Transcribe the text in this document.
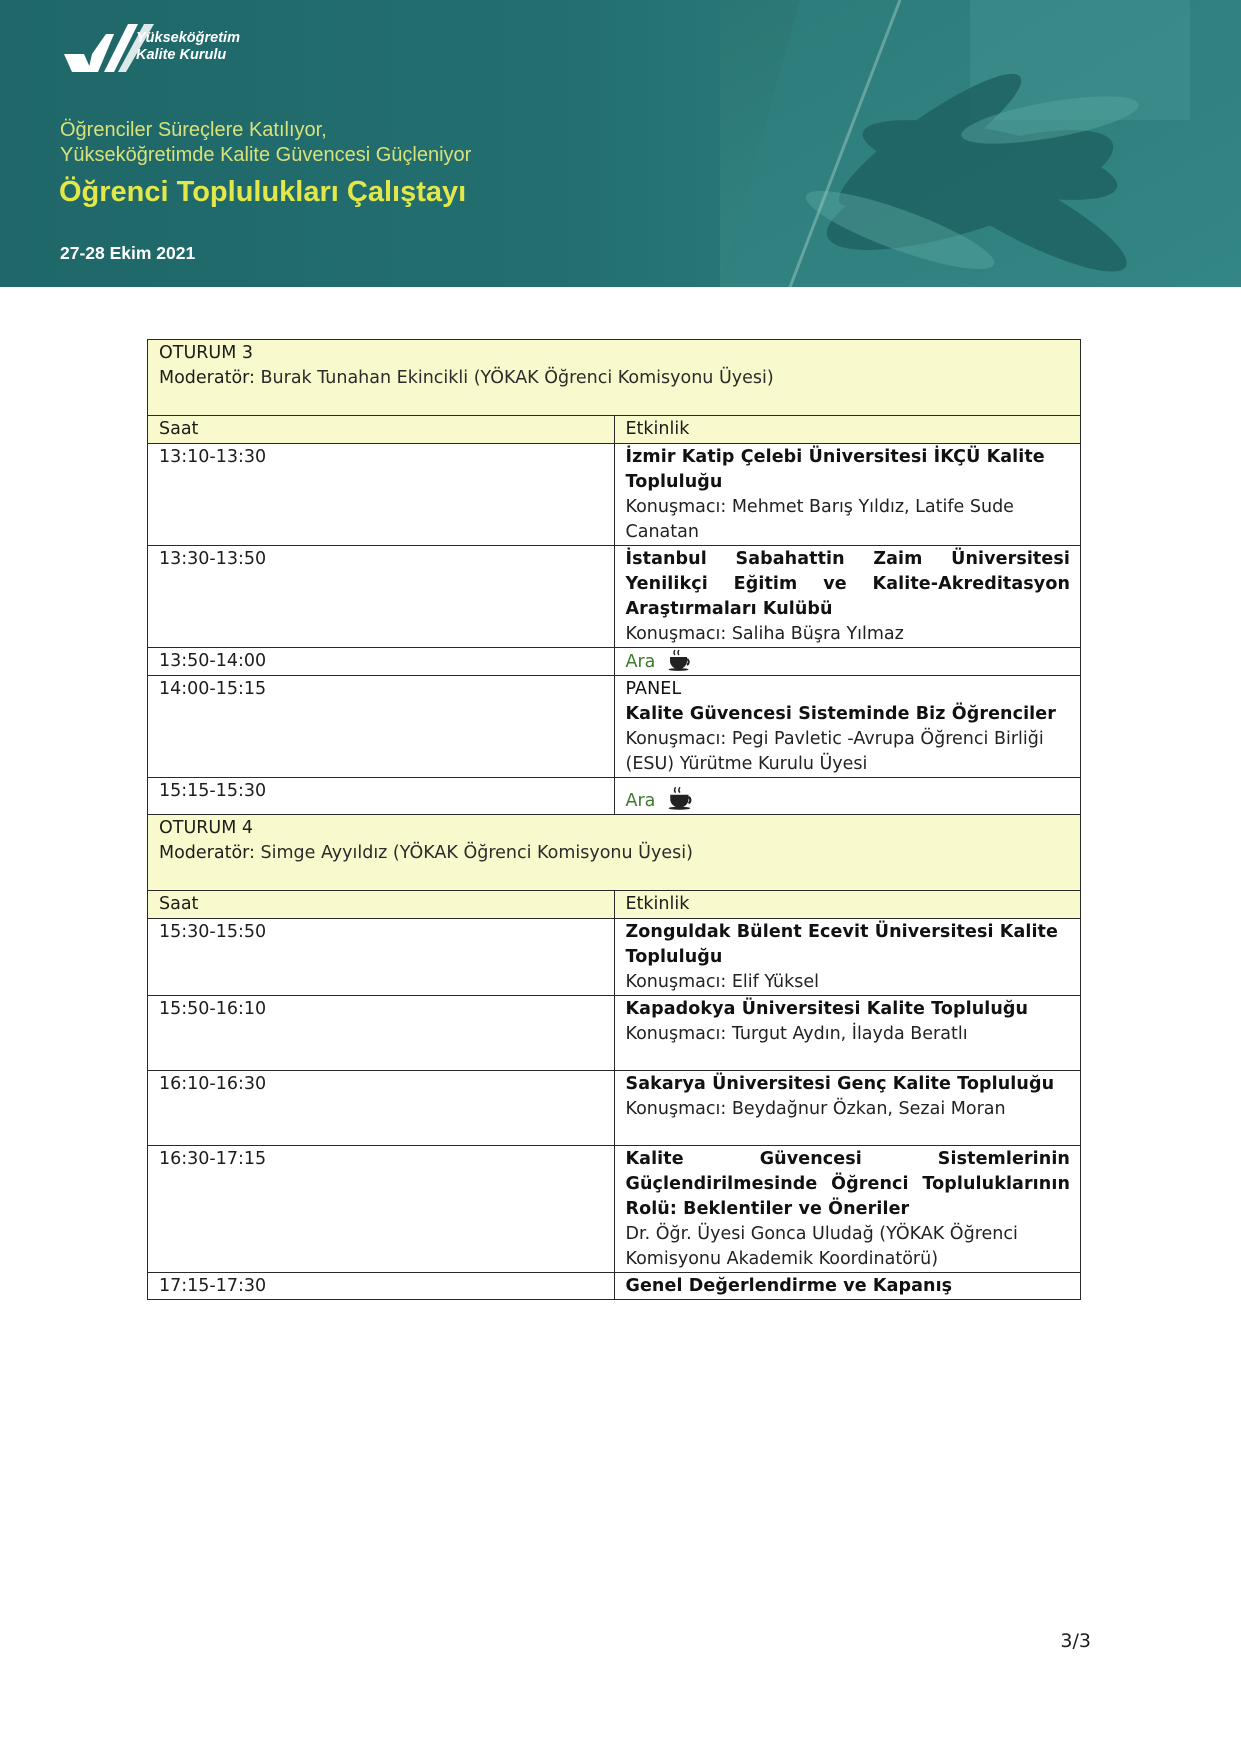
Yükseköğretim
Kalite Kurulu
Öğrenciler Süreçlere Katılıyor,
Yükseköğretimde Kalite Güvencesi Güçleniyor
Öğrenci Toplulukları Çalıştayı
27-28 Ekim 2021
OTURUM 3
Moderatör: Burak Tunahan Ekincikli (YÖKAK Öğrenci Komisyonu Üyesi)	

Saat	Etkinlik
13:10-13:30	İzmir Katip Çelebi Üniversitesi İKÇÜ Kalite Topluluğu
Konuşmacı: Mehmet Barış Yıldız, Latife Sude Canatan

13:30-13:50	İstanbul Sabahattin Zaim Üniversitesi Yenilikçi Eğitim ve Kalite-Akreditasyon Araştırmaları Kulübü
Konuşmacı: Saliha Büşra Yılmaz

13:50-14:00	Ara
14:00-15:15	PANEL
Kalite Güvencesi Sisteminde Biz Öğrenciler
Konuşmacı: Pegi Pavletic -Avrupa Öğrenci Birliği (ESU) Yürütme Kurulu Üyesi

15:15-15:30	Ara
OTURUM 4
Moderatör: Simge Ayyıldız (YÖKAK Öğrenci Komisyonu Üyesi)	

Saat	Etkinlik
15:30-15:50	Zonguldak Bülent Ecevit Üniversitesi Kalite Topluluğu
Konuşmacı: Elif Yüksel

15:50-16:10	Kapadokya Üniversitesi Kalite Topluluğu
Konuşmacı: Turgut Aydın, İlayda Beratlı

16:10-16:30	Sakarya Üniversitesi Genç Kalite Topluluğu
Konuşmacı: Beydağnur Özkan, Sezai Moran

16:30-17:15	Kalite Güvencesi Sistemlerinin Güçlendirilmesinde Öğrenci Topluluklarının Rolü: Beklentiler ve Öneriler
Dr. Öğr. Üyesi Gonca Uludağ (YÖKAK Öğrenci Komisyonu Akademik Koordinatörü)

17:15-17:30	Genel Değerlendirme ve Kapanış
3/3
